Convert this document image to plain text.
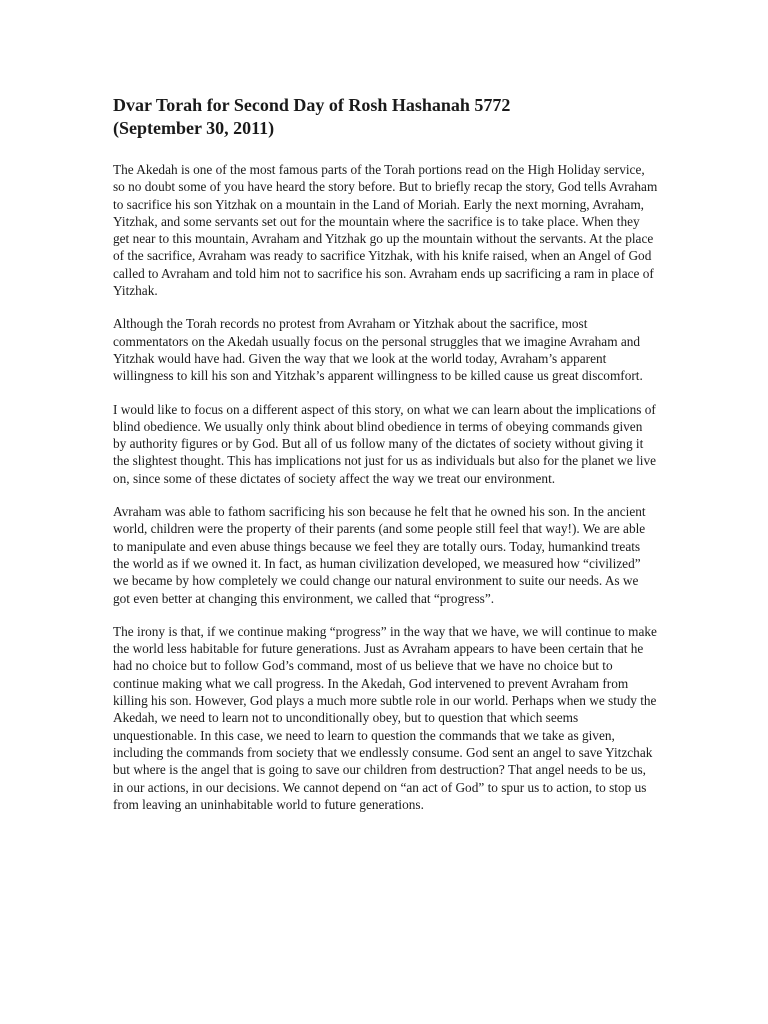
Dvar Torah for Second Day of Rosh Hashanah 5772
(September 30, 2011)

The Akedah is one of the most famous parts of the Torah portions read on the High Holiday service, so no doubt some of you have heard the story before. But to briefly recap the story, God tells Avraham to sacrifice his son Yitzhak on a mountain in the Land of Moriah. Early the next morning, Avraham, Yitzhak, and some servants set out for the mountain where the sacrifice is to take place. When they get near to this mountain, Avraham and Yitzhak go up the mountain without the servants. At the place of the sacrifice, Avraham was ready to sacrifice Yitzhak, with his knife raised, when an Angel of God called to Avraham and told him not to sacrifice his son. Avraham ends up sacrificing a ram in place of Yitzhak.

Although the Torah records no protest from Avraham or Yitzhak about the sacrifice, most commentators on the Akedah usually focus on the personal struggles that we imagine Avraham and Yitzhak would have had. Given the way that we look at the world today, Avraham’s apparent willingness to kill his son and Yitzhak’s apparent willingness to be killed cause us great discomfort.

I would like to focus on a different aspect of this story, on what we can learn about the implications of blind obedience. We usually only think about blind obedience in terms of obeying commands given by authority figures or by God. But all of us follow many of the dictates of society without giving it the slightest thought. This has implications not just for us as individuals but also for the planet we live on, since some of these dictates of society affect the way we treat our environment.

Avraham was able to fathom sacrificing his son because he felt that he owned his son. In the ancient world, children were the property of their parents (and some people still feel that way!). We are able to manipulate and even abuse things because we feel they are totally ours. Today, humankind treats the world as if we owned it. In fact, as human civilization developed, we measured how “civilized” we became by how completely we could change our natural environment to suite our needs. As we got even better at changing this environment, we called that “progress”.

The irony is that, if we continue making “progress” in the way that we have, we will continue to make the world less habitable for future generations. Just as Avraham appears to have been certain that he had no choice but to follow God’s command, most of us believe that we have no choice but to continue making what we call progress. In the Akedah, God intervened to prevent Avraham from killing his son. However, God plays a much more subtle role in our world. Perhaps when we study the Akedah, we need to learn not to unconditionally obey, but to question that which seems unquestionable. In this case, we need to learn to question the commands that we take as given, including the commands from society that we endlessly consume. God sent an angel to save Yitzchak but where is the angel that is going to save our children from destruction? That angel needs to be us, in our actions, in our decisions. We cannot depend on “an act of God” to spur us to action, to stop us from leaving an uninhabitable world to future generations.
